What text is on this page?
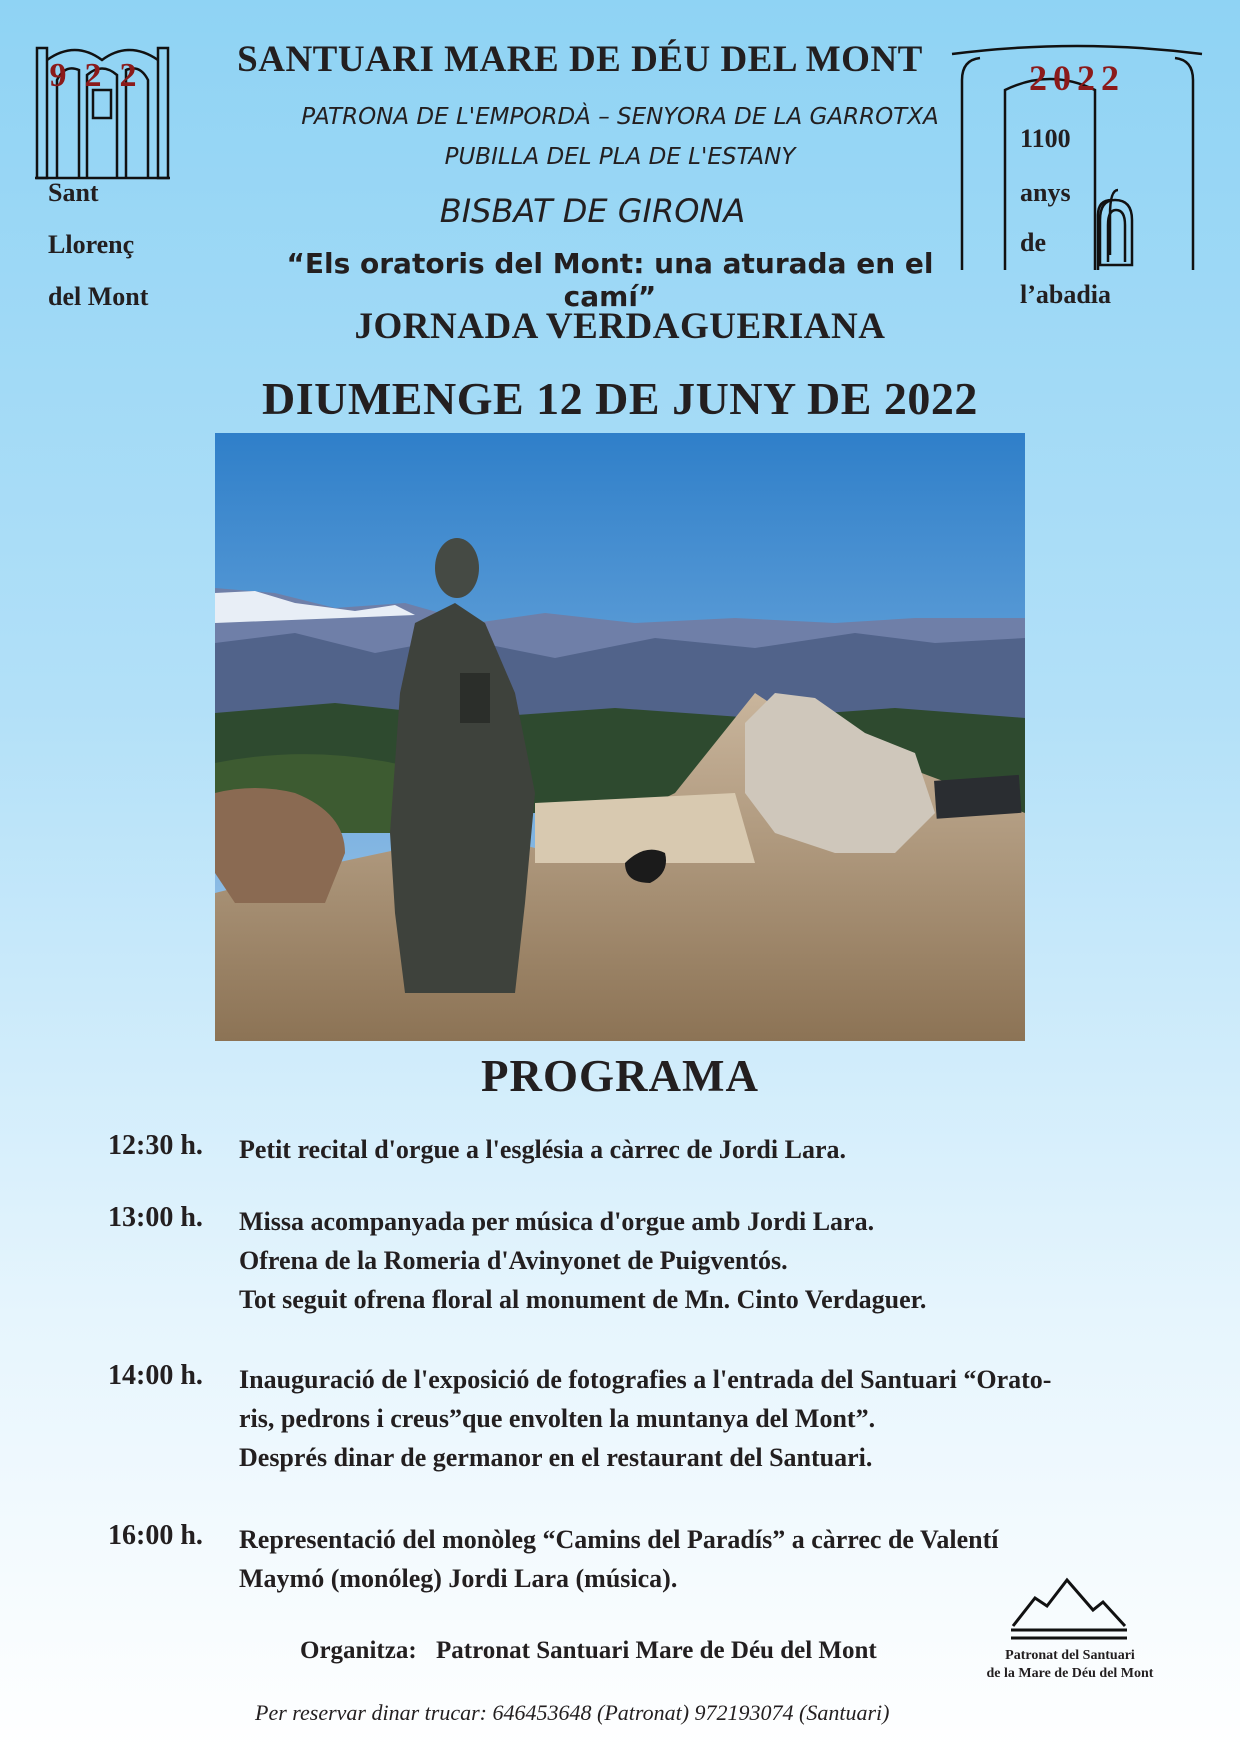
922
Sant
Llorenç
del Mont
2022
1100
anys
de
l’abadia
SANTUARI MARE DE DÉU DEL MONT
PATRONA DE L'EMPORDÀ – SENYORA DE LA GARROTXA
PUBILLA DEL PLA DE L'ESTANY
BISBAT DE GIRONA
“Els oratoris del Mont: una aturada en el camí”
JORNADA VERDAGUERIANA
DIUMENGE 12 DE JUNY DE 2022
PROGRAMA
12:30 h.	Petit recital d'orgue a l'església a càrrec de Jordi Lara.
13:00 h.	Missa acompanyada per música d'orgue amb Jordi Lara.
Ofrena de la Romeria d'Avinyonet de Puigventós.
Tot seguit ofrena floral al monument de Mn. Cinto Verdaguer.
14:00 h.	Inauguració de l'exposició de fotografies a l'entrada del Santuari “Orato-
ris, pedrons i creus”que envolten la muntanya del Mont”.
Després dinar de germanor en el restaurant del Santuari.
16:00 h.	Representació del monòleg “Camins del Paradís” a càrrec de Valentí
Maymó (monóleg) Jordi Lara (música).
Organitza: Patronat Santuari Mare de Déu del Mont
Per reservar dinar trucar: 646453648 (Patronat) 972193074 (Santuari)
Patronat del Santuari
de la Mare de Déu del Mont
